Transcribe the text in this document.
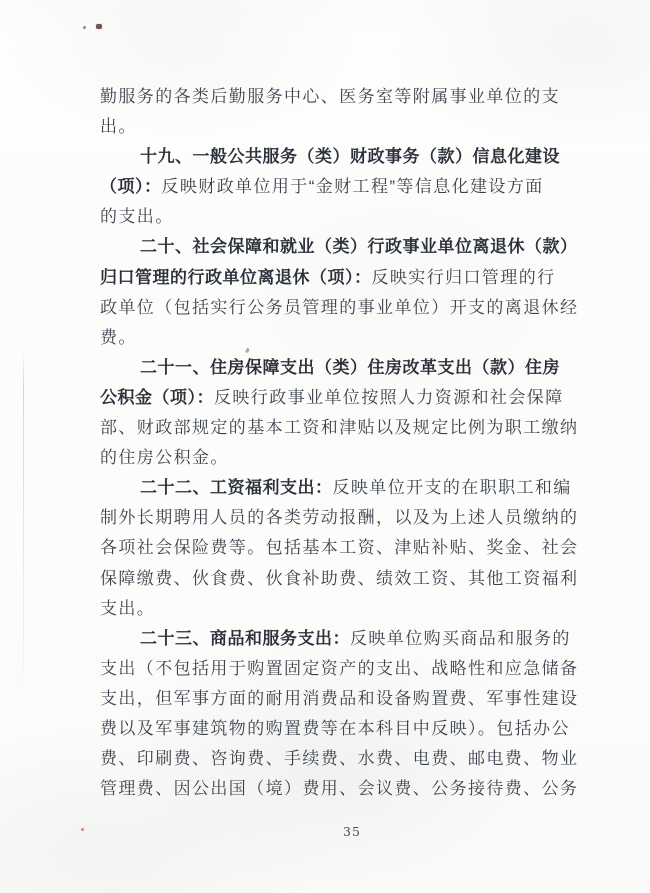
勤服务的各类后勤服务中心、医务室等附属事业单位的支
出。
十九、一般公共服务（类）财政事务（款）信息化建设
（项）：反映财政单位用于“金财工程”等信息化建设方面
的支出。
二十、社会保障和就业（类）行政事业单位离退休（款）
归口管理的行政单位离退休（项）：反映实行归口管理的行
政单位（包括实行公务员管理的事业单位）开支的离退休经
费。
二十一、住房保障支出（类）住房改革支出（款）住房
公积金（项）：反映行政事业单位按照人力资源和社会保障
部、财政部规定的基本工资和津贴以及规定比例为职工缴纳
的住房公积金。
二十二、工资福利支出：反映单位开支的在职职工和编
制外长期聘用人员的各类劳动报酬，以及为上述人员缴纳的
各项社会保险费等。包括基本工资、津贴补贴、奖金、社会
保障缴费、伙食费、伙食补助费、绩效工资、其他工资福利
支出。
二十三、商品和服务支出：反映单位购买商品和服务的
支出（不包括用于购置固定资产的支出、战略性和应急储备
支出，但军事方面的耐用消费品和设备购置费、军事性建设
费以及军事建筑物的购置费等在本科目中反映）。包括办公
费、印刷费、咨询费、手续费、水费、电费、邮电费、物业
管理费、因公出国（境）费用、会议费、公务接待费、公务
35
